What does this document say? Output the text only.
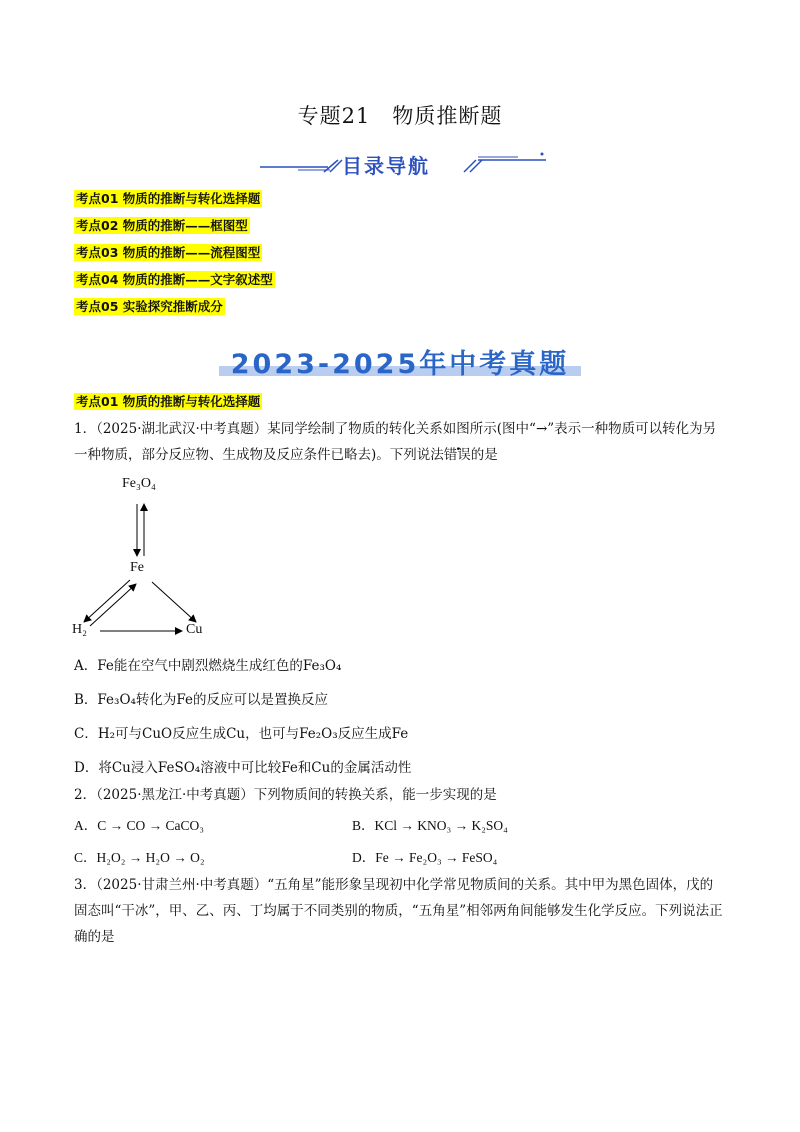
专题21　物质推断题
目录导航
考点01 物质的推断与转化选择题
考点02 物质的推断——框图型
考点03 物质的推断——流程图型
考点04 物质的推断——文字叙述型
考点05 实验探究推断成分
2023-2025年中考真题
考点01 物质的推断与转化选择题
1．（2025·湖北武汉·中考真题）某同学绘制了物质的转化关系如图所示(图中“→”表示一种物质可以转化为另一种物质，部分反应物、生成物及反应条件已略去)。下列说法错误的是
Fe₃O₄
Fe
H₂	Cu
A．Fe能在空气中剧烈燃烧生成红色的Fe₃O₄
B．Fe₃O₄转化为Fe的反应可以是置换反应
C．H₂可与CuO反应生成Cu，也可与Fe₂O₃反应生成Fe
D．将Cu浸入FeSO₄溶液中可比较Fe和Cu的金属活动性
2．（2025·黑龙江·中考真题）下列物质间的转换关系，能一步实现的是
A．C → CO → CaCO₃	B．KCl → KNO₃ → K₂SO₄
C．H₂O₂ → H₂O → O₂	D．Fe → Fe₂O₃ → FeSO₄
3．（2025·甘肃兰州·中考真题）“五角星”能形象呈现初中化学常见物质间的关系。其中甲为黑色固体，戊的固态叫“干冰”，甲、乙、丙、丁均属于不同类别的物质，“五角星”相邻两角间能够发生化学反应。下列说法正确的是
